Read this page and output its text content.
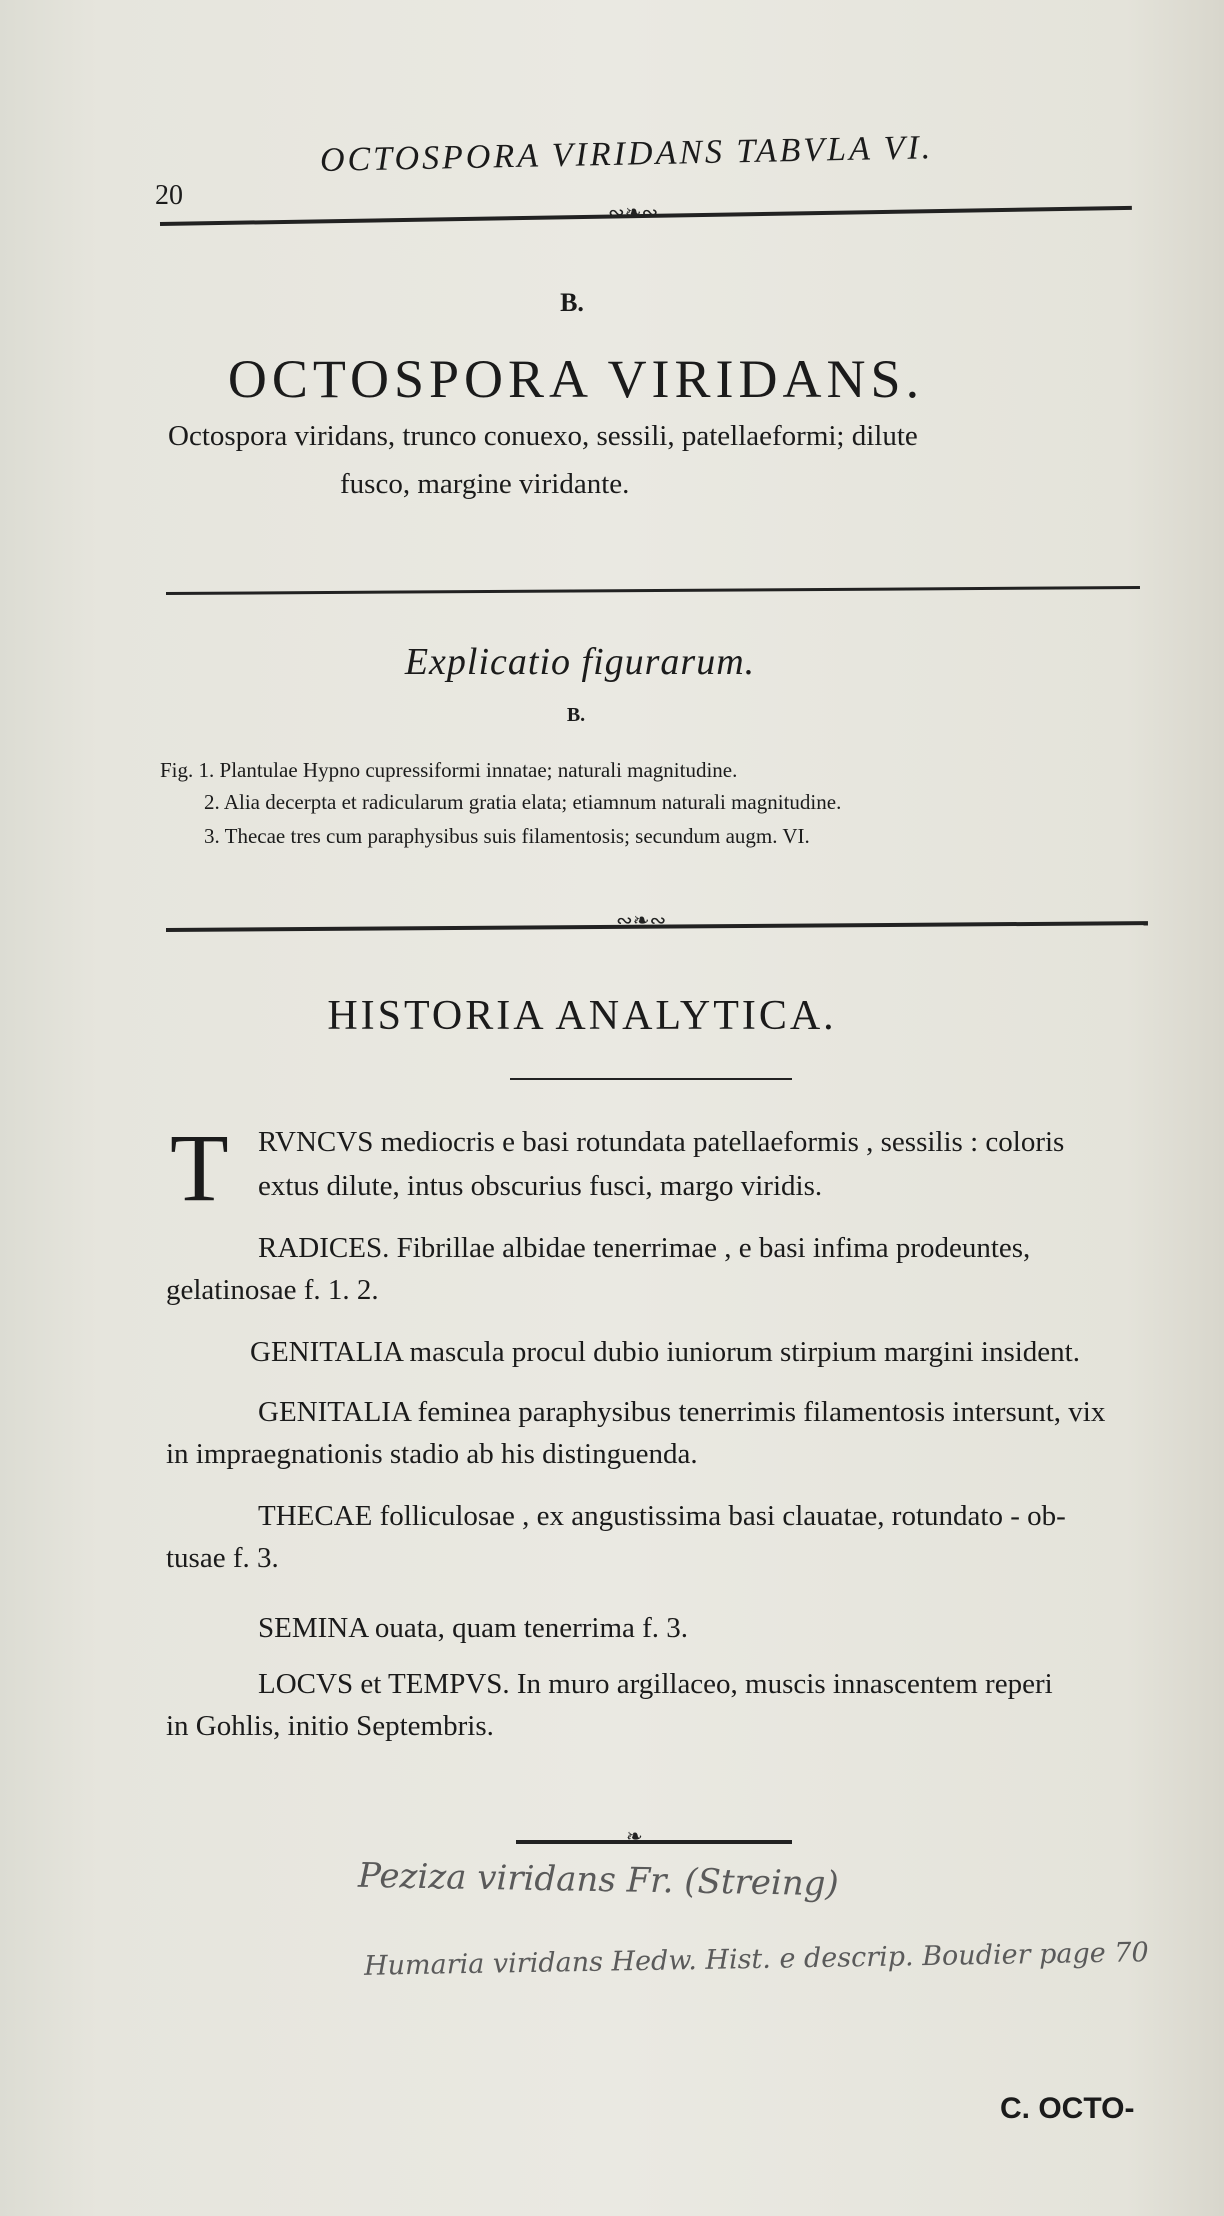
20
OCTOSPORA VIRIDANS TABVLA VI.
∾❧∾
B.
OCTOSPORA VIRIDANS.
Octospora viridans, trunco conuexo, sessili, patellaeformi; dilute
fusco, margine viridante.
Explicatio figurarum.
B.
Fig. 1. Plantulae Hypno cupressiformi innatae; naturali magnitudine.
2. Alia decerpta et radicularum gratia elata; etiamnum naturali magnitudine.
3. Thecae tres cum paraphysibus suis filamentosis; secundum augm. VI.
∾❧∾
HISTORIA ANALYTICA.
T RVNCVS mediocris e basi rotundata patellaeformis , sessilis : coloris
extus dilute, intus obscurius fusci, margo viridis.
RADICES. Fibrillae albidae tenerrimae , e basi infima prodeuntes,
gelatinosae f. 1. 2.
GENITALIA mascula procul dubio iuniorum stirpium margini insident.
GENITALIA feminea paraphysibus tenerrimis filamentosis intersunt, vix
in impraegnationis stadio ab his distinguenda.
THECAE folliculosae , ex angustissima basi clauatae, rotundato - ob-
tusae f. 3.
SEMINA ouata, quam tenerrima f. 3.
LOCVS et TEMPVS. In muro argillaceo, muscis innascentem reperi
in Gohlis, initio Septembris.
❧
Peziza viridans Fr. (Streing)
Humaria viridans Hedw. Hist. e descrip. Boudier page 70
C. OCTO-
